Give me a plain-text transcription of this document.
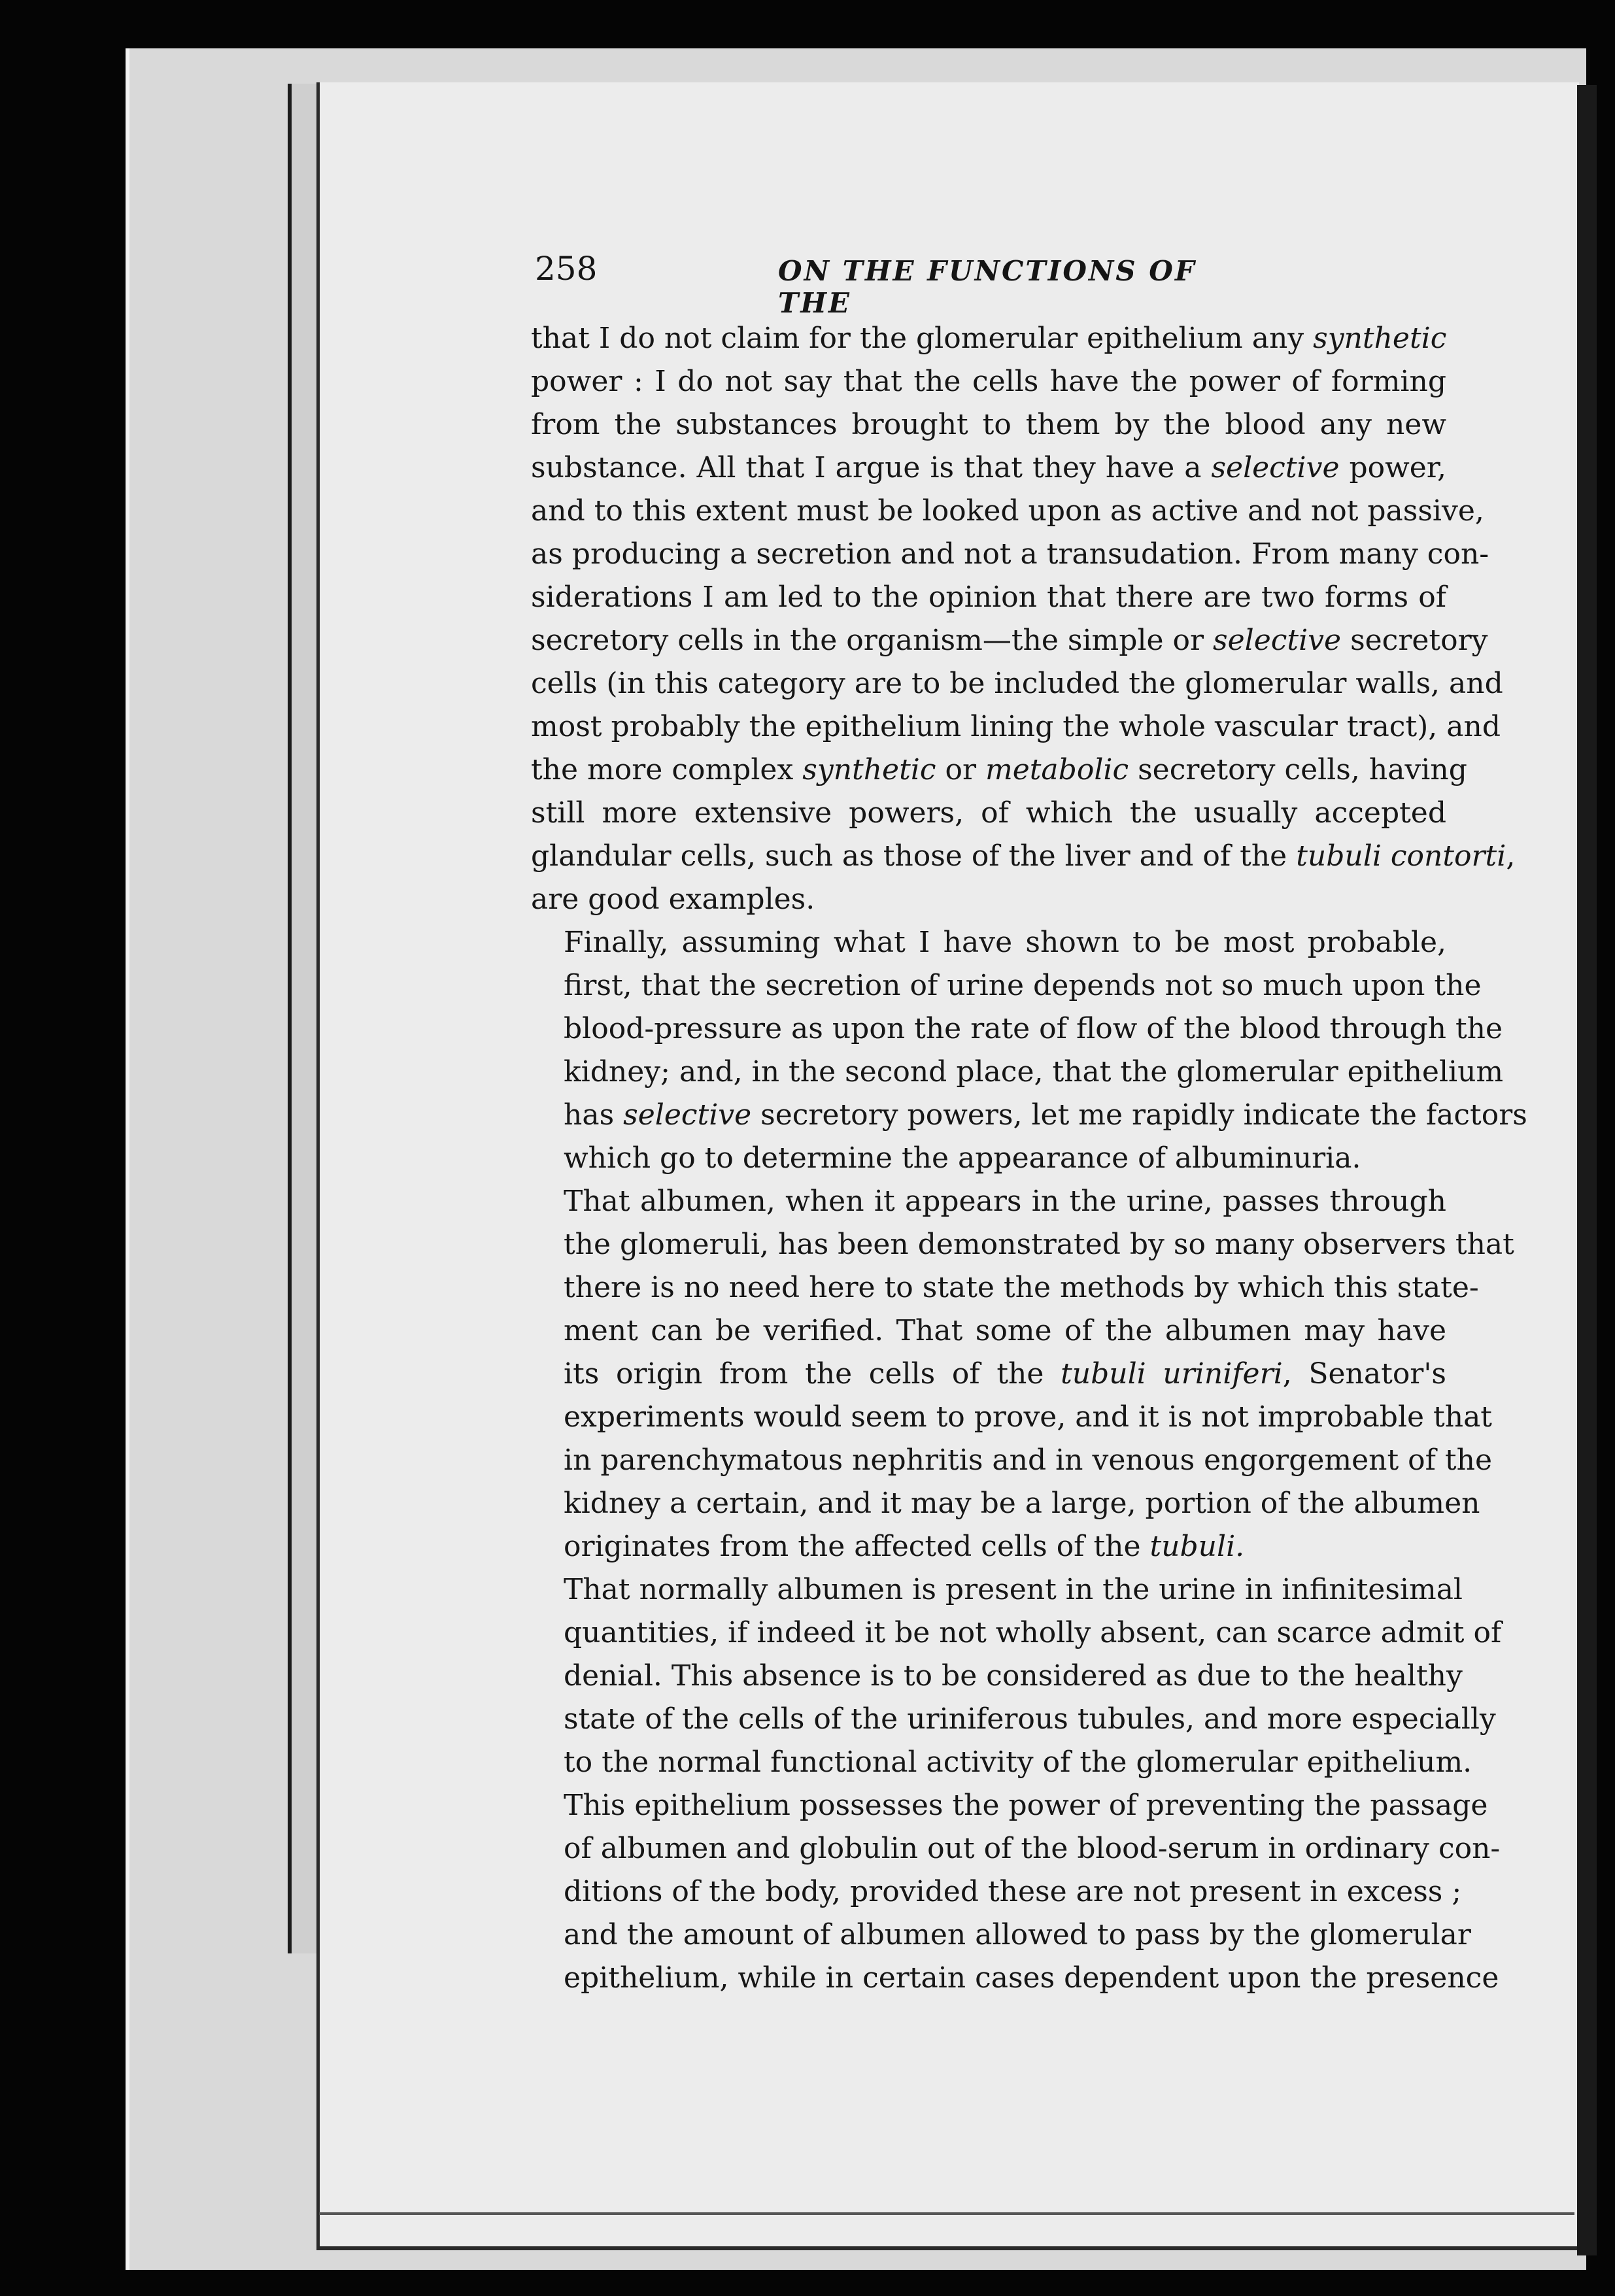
258	ON THE FUNCTIONS OF THE

that I do not claim for the glomerular epithelium any synthetic
power : I do not say that the cells have the power of forming
from the substances brought to them by the blood any new
substance. All that I argue is that they have a selective power,
and to this extent must be looked upon as active and not passive,
as producing a secretion and not a transudation. From many con-
siderations I am led to the opinion that there are two forms of
secretory cells in the organism—the simple or selective secretory
cells (in this category are to be included the glomerular walls, and
most probably the epithelium lining the whole vascular tract), and
the more complex synthetic or metabolic secretory cells, having
still more extensive powers, of which the usually accepted
glandular cells, such as those of the liver and of the tubuli contorti
are good examples.

Finally, assuming what I have shown to be most probable,
first, that the secretion of urine depends not so much upon the
blood-pressure as upon the rate of flow of the blood through the
kidney; and, in the second place, that the glomerular epithelium
has selective secretory powers, let me rapidly indicate the factors
which go to determine the appearance of albuminuria.

That albumen, when it appears in the urine, passes through
the glomeruli, has been demonstrated by so many observers that
there is no need here to state the methods by which this state-
ment can be verified. That some of the albumen may have
its origin from the cells of the tubuli uriniferi, Senator's
experiments would seem to prove, and it is not improbable that
in parenchymatous nephritis and in venous engorgement of the
kidney a certain, and it may be a large, portion of the albumen
originates from the affected cells of the tubuli.

That normally albumen is present in the urine in infinitesimal
quantities, if indeed it be not wholly absent, can scarce admit of
denial. This absence is to be considered as due to the healthy
state of the cells of the uriniferous tubules, and more especially
to the normal functional activity of the glomerular epithelium.
This epithelium possesses the power of preventing the passage
of albumen and globulin out of the blood-serum in ordinary con-
ditions of the body, provided these are not present in excess ;
and the amount of albumen allowed to pass by the glomerular
epithelium, while in certain cases dependent upon the presence
